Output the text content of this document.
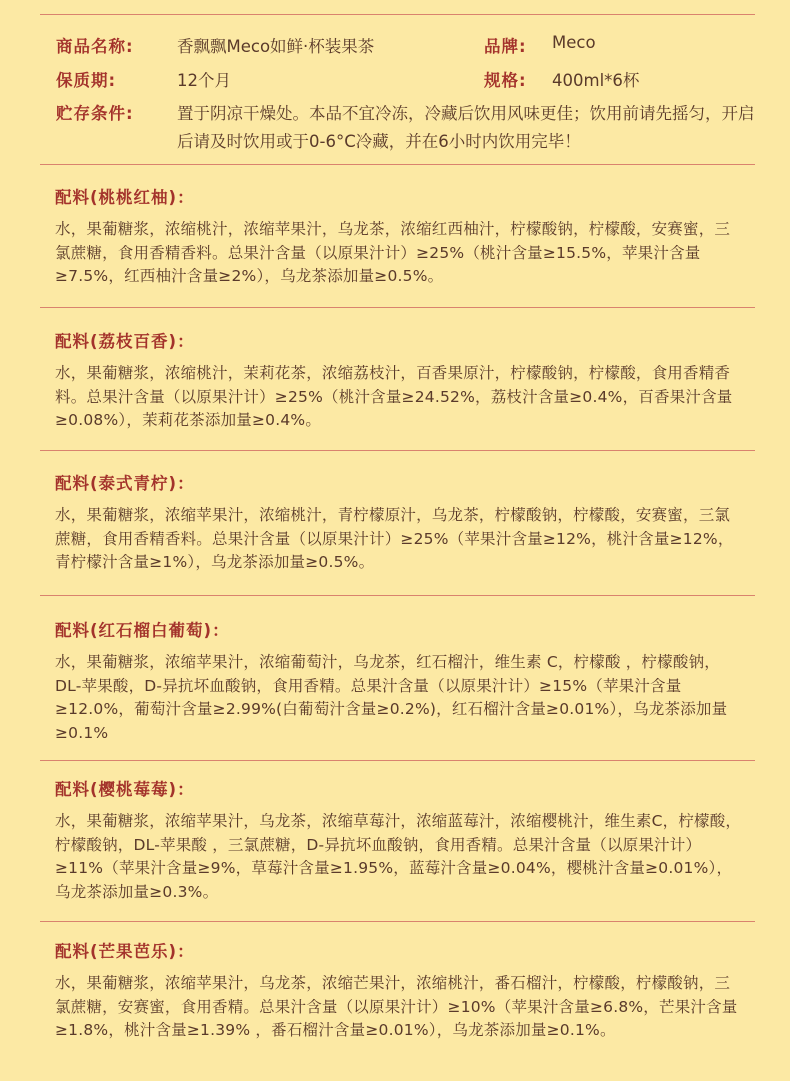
商品名称:	香飘飘Meco如鲜·杯装果茶	品牌: Meco
保质期:	12个月	规格: 400ml*6杯
贮存条件:	置于阴凉干燥处。本品不宜冷冻，冷藏后饮用风味更佳；饮用前请先摇匀，开启后请及时饮用或于0-6°C冷藏，并在6小时内饮用完毕！
配料(桃桃红柚)：
水，果葡糖浆，浓缩桃汁，浓缩苹果汁，乌龙茶，浓缩红西柚汁，柠檬酸钠，柠檬酸，安赛蜜，三氯蔗糖，食用香精香料。总果汁含量（以原果汁计）≥25%（桃汁含量≥15.5%，苹果汁含量≥7.5%，红西柚汁含量≥2%），乌龙茶添加量≥0.5%。
配料(荔枝百香)：
水，果葡糖浆，浓缩桃汁，茉莉花茶，浓缩荔枝汁，百香果原汁，柠檬酸钠，柠檬酸，食用香精香料。总果汁含量（以原果汁计）≥25%（桃汁含量≥24.52%，荔枝汁含量≥0.4%，百香果汁含量≥0.08%），茉莉花茶添加量≥0.4%。
配料(泰式青柠)：
水，果葡糖浆，浓缩苹果汁，浓缩桃汁，青柠檬原汁，乌龙茶，柠檬酸钠，柠檬酸，安赛蜜，三氯蔗糖，食用香精香料。总果汁含量（以原果汁计）≥25%（苹果汁含量≥12%，桃汁含量≥12%，青柠檬汁含量≥1%），乌龙茶添加量≥0.5%。
配料(红石榴白葡萄)：
水，果葡糖浆，浓缩苹果汁，浓缩葡萄汁，乌龙茶，红石榴汁，维生素 C，柠檬酸 ，柠檬酸钠，DL-苹果酸，D-异抗坏血酸钠，食用香精。总果汁含量（以原果汁计）≥15%（苹果汁含量≥12.0%，葡萄汁含量≥2.99%(白葡萄汁含量≥0.2%)，红石榴汁含量≥0.01%），乌龙茶添加量≥0.1%
配料(樱桃莓莓)：
水，果葡糖浆，浓缩苹果汁，乌龙茶，浓缩草莓汁，浓缩蓝莓汁，浓缩樱桃汁，维生素C，柠檬酸，柠檬酸钠，DL-苹果酸 ，三氯蔗糖，D-异抗坏血酸钠，食用香精。总果汁含量（以原果汁计）≥11%（苹果汁含量≥9%，草莓汁含量≥1.95%，蓝莓汁含量≥0.04%，樱桃汁含量≥0.01%），乌龙茶添加量≥0.3%。
配料(芒果芭乐)：
水，果葡糖浆，浓缩苹果汁，乌龙茶，浓缩芒果汁，浓缩桃汁，番石榴汁，柠檬酸，柠檬酸钠，三氯蔗糖，安赛蜜，食用香精。总果汁含量（以原果汁计）≥10%（苹果汁含量≥6.8%，芒果汁含量≥1.8%，桃汁含量≥1.39% ，番石榴汁含量≥0.01%），乌龙茶添加量≥0.1%。
